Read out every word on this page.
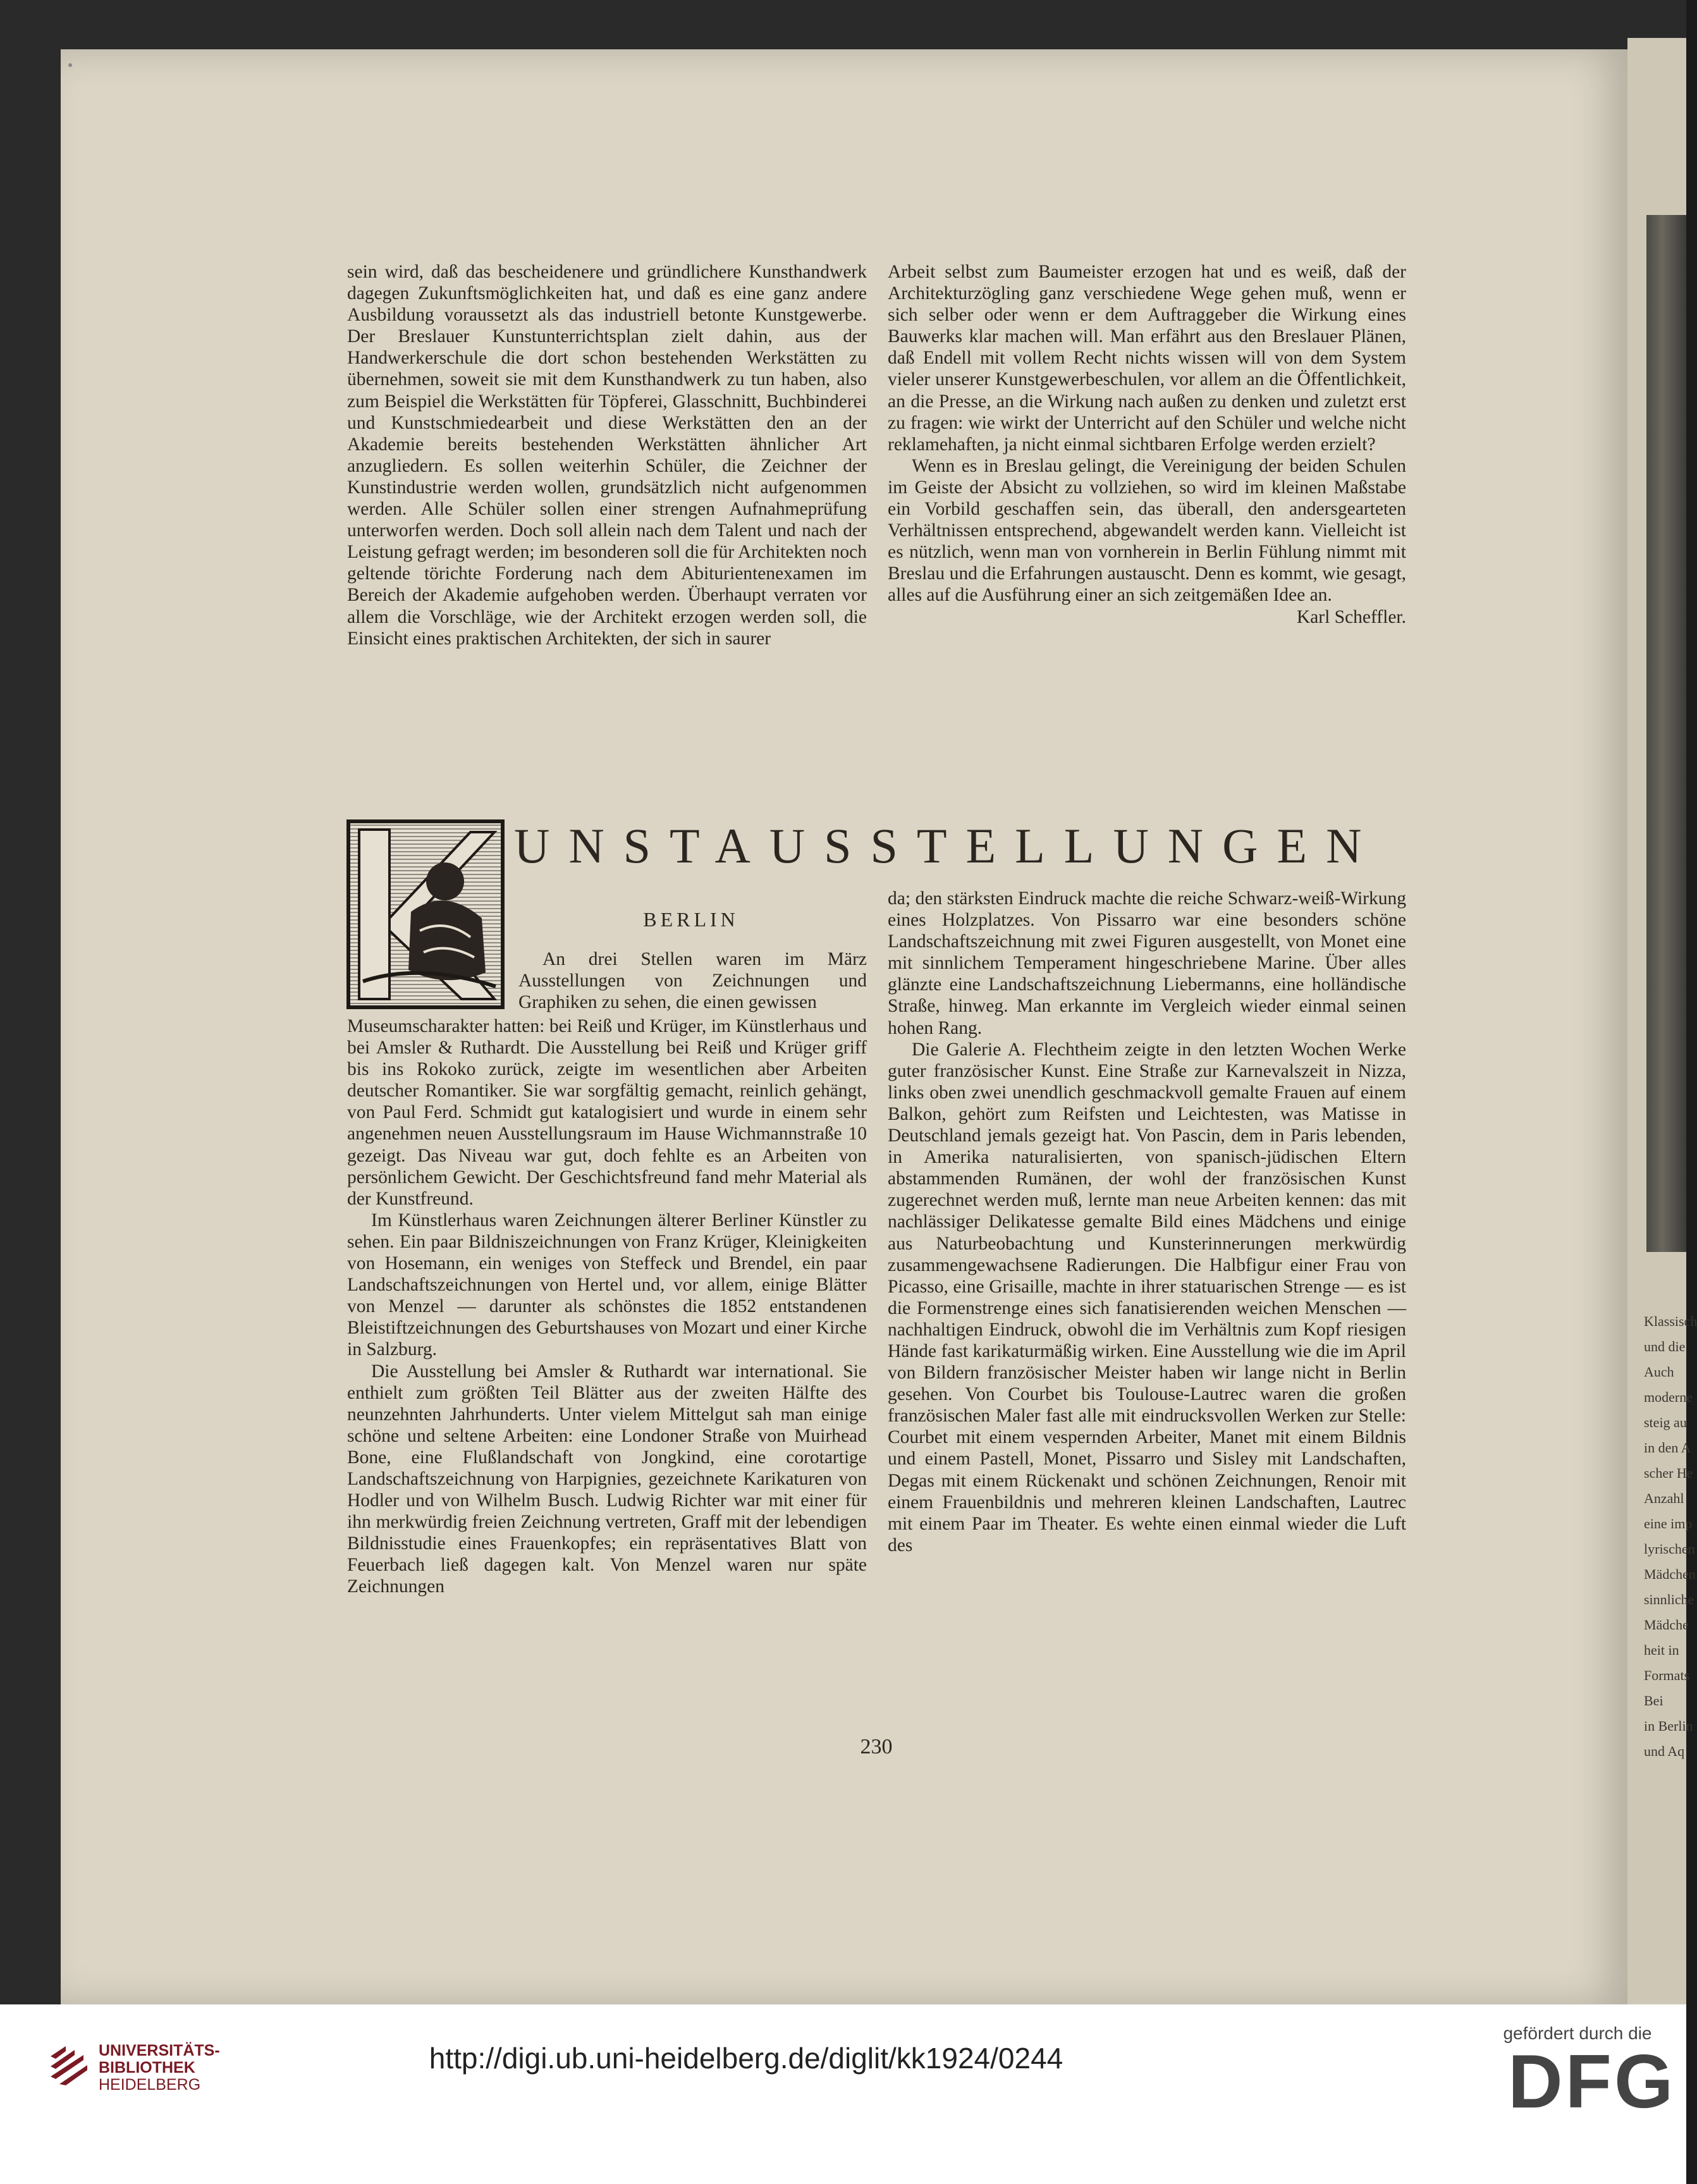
Klassisch
und die
Auch
moderne
steig au
in den A
scher He
Anzahl
eine imp
lyrischen
Mädchen
sinnliche
Mädche
heit in
Formats
Bei
in Berlin
und Aq

sein wird, daß das bescheidenere und gründlichere Kunsthandwerk dagegen Zukunftsmöglichkeiten hat, und daß es eine ganz andere Ausbildung voraussetzt als das industriell betonte Kunstgewerbe. Der Breslauer Kunstunterrichtsplan zielt dahin, aus der Handwerkerschule die dort schon bestehenden Werkstätten zu übernehmen, soweit sie mit dem Kunsthandwerk zu tun haben, also zum Beispiel die Werkstätten für Töpferei, Glasschnitt, Buchbinderei und Kunstschmiedearbeit und diese Werkstätten den an der Akademie bereits bestehenden Werkstätten ähnlicher Art anzugliedern. Es sollen weiterhin Schüler, die Zeichner der Kunstindustrie werden wollen, grundsätzlich nicht aufgenommen werden. Alle Schüler sollen einer strengen Aufnahmeprüfung unterworfen werden. Doch soll allein nach dem Talent und nach der Leistung gefragt werden; im besonderen soll die für Architekten noch geltende törichte Forderung nach dem Abiturientenexamen im Bereich der Akademie aufgehoben werden. Überhaupt verraten vor allem die Vorschläge, wie der Architekt erzogen werden soll, die Einsicht eines praktischen Architekten, der sich in saurer

Arbeit selbst zum Baumeister erzogen hat und es weiß, daß der Architekturzögling ganz verschiedene Wege gehen muß, wenn er sich selber oder wenn er dem Auftraggeber die Wirkung eines Bauwerks klar machen will. Man erfährt aus den Breslauer Plänen, daß Endell mit vollem Recht nichts wissen will von dem System vieler unserer Kunstgewerbeschulen, vor allem an die Öffentlichkeit, an die Presse, an die Wirkung nach außen zu denken und zuletzt erst zu fragen: wie wirkt der Unterricht auf den Schüler und welche nicht reklamehaften, ja nicht einmal sichtbaren Erfolge werden erzielt?

Wenn es in Breslau gelingt, die Vereinigung der beiden Schulen im Geiste der Absicht zu vollziehen, so wird im kleinen Maßstabe ein Vorbild geschaffen sein, das überall, den andersgearteten Verhältnissen entsprechend, abgewandelt werden kann. Vielleicht ist es nützlich, wenn man von vornherein in Berlin Fühlung nimmt mit Breslau und die Erfahrungen austauscht. Denn es kommt, wie gesagt, alles auf die Ausführung einer an sich zeitgemäßen Idee an.

Karl Scheffler.

UNSTAUSSTELLUNGEN
BERLIN

An drei Stellen waren im März Ausstellungen von Zeichnungen und Graphiken zu sehen, die einen gewissen

Museumscharakter hatten: bei Reiß und Krüger, im Künstlerhaus und bei Amsler & Ruthardt. Die Ausstellung bei Reiß und Krüger griff bis ins Rokoko zurück, zeigte im wesentlichen aber Arbeiten deutscher Romantiker. Sie war sorgfältig gemacht, reinlich gehängt, von Paul Ferd. Schmidt gut katalogisiert und wurde in einem sehr angenehmen neuen Ausstellungsraum im Hause Wichmannstraße 10 gezeigt. Das Niveau war gut, doch fehlte es an Arbeiten von persönlichem Gewicht. Der Geschichtsfreund fand mehr Material als der Kunstfreund.

Im Künstlerhaus waren Zeichnungen älterer Berliner Künstler zu sehen. Ein paar Bildniszeichnungen von Franz Krüger, Kleinigkeiten von Hosemann, ein weniges von Steffeck und Brendel, ein paar Landschaftszeichnungen von Hertel und, vor allem, einige Blätter von Menzel — darunter als schönstes die 1852 entstandenen Bleistiftzeichnungen des Geburtshauses von Mozart und einer Kirche in Salzburg.

Die Ausstellung bei Amsler & Ruthardt war international. Sie enthielt zum größten Teil Blätter aus der zweiten Hälfte des neunzehnten Jahrhunderts. Unter vielem Mittelgut sah man einige schöne und seltene Arbeiten: eine Londoner Straße von Muirhead Bone, eine Flußlandschaft von Jongkind, eine corotartige Landschaftszeichnung von Harpignies, gezeichnete Karikaturen von Hodler und von Wilhelm Busch. Ludwig Richter war mit einer für ihn merkwürdig freien Zeichnung vertreten, Graff mit der lebendigen Bildnisstudie eines Frauenkopfes; ein repräsentatives Blatt von Feuerbach ließ dagegen kalt. Von Menzel waren nur späte Zeichnungen

da; den stärksten Eindruck machte die reiche Schwarz-weiß-Wirkung eines Holzplatzes. Von Pissarro war eine besonders schöne Landschaftszeichnung mit zwei Figuren ausgestellt, von Monet eine mit sinnlichem Temperament hingeschriebene Marine. Über alles glänzte eine Landschaftszeichnung Liebermanns, eine holländische Straße, hinweg. Man erkannte im Vergleich wieder einmal seinen hohen Rang.

Die Galerie A. Flechtheim zeigte in den letzten Wochen Werke guter französischer Kunst. Eine Straße zur Karnevalszeit in Nizza, links oben zwei unendlich geschmackvoll gemalte Frauen auf einem Balkon, gehört zum Reifsten und Leichtesten, was Matisse in Deutschland jemals gezeigt hat. Von Pascin, dem in Paris lebenden, in Amerika naturalisierten, von spanisch-jüdischen Eltern abstammenden Rumänen, der wohl der französischen Kunst zugerechnet werden muß, lernte man neue Arbeiten kennen: das mit nachlässiger Delikatesse gemalte Bild eines Mädchens und einige aus Naturbeobachtung und Kunsterinnerungen merkwürdig zusammengewachsene Radierungen. Die Halbfigur einer Frau von Picasso, eine Grisaille, machte in ihrer statuarischen Strenge — es ist die Formenstrenge eines sich fanatisierenden weichen Menschen — nachhaltigen Eindruck, obwohl die im Verhältnis zum Kopf riesigen Hände fast karikaturmäßig wirken. Eine Ausstellung wie die im April von Bildern französischer Meister haben wir lange nicht in Berlin gesehen. Von Courbet bis Toulouse-Lautrec waren die großen französischen Maler fast alle mit eindrucksvollen Werken zur Stelle: Courbet mit einem vespernden Arbeiter, Manet mit einem Bildnis und einem Pastell, Monet, Pissarro und Sisley mit Landschaften, Degas mit einem Rückenakt und schönen Zeichnungen, Renoir mit einem Frauenbildnis und mehreren kleinen Landschaften, Lautrec mit einem Paar im Theater. Es wehte einen einmal wieder die Luft des

230
UNIVERSITÄTS-
BIBLIOTHEK
HEIDELBERG
http://digi.ub.uni-heidelberg.de/diglit/kk1924/0244
gefördert durch die
DFG
